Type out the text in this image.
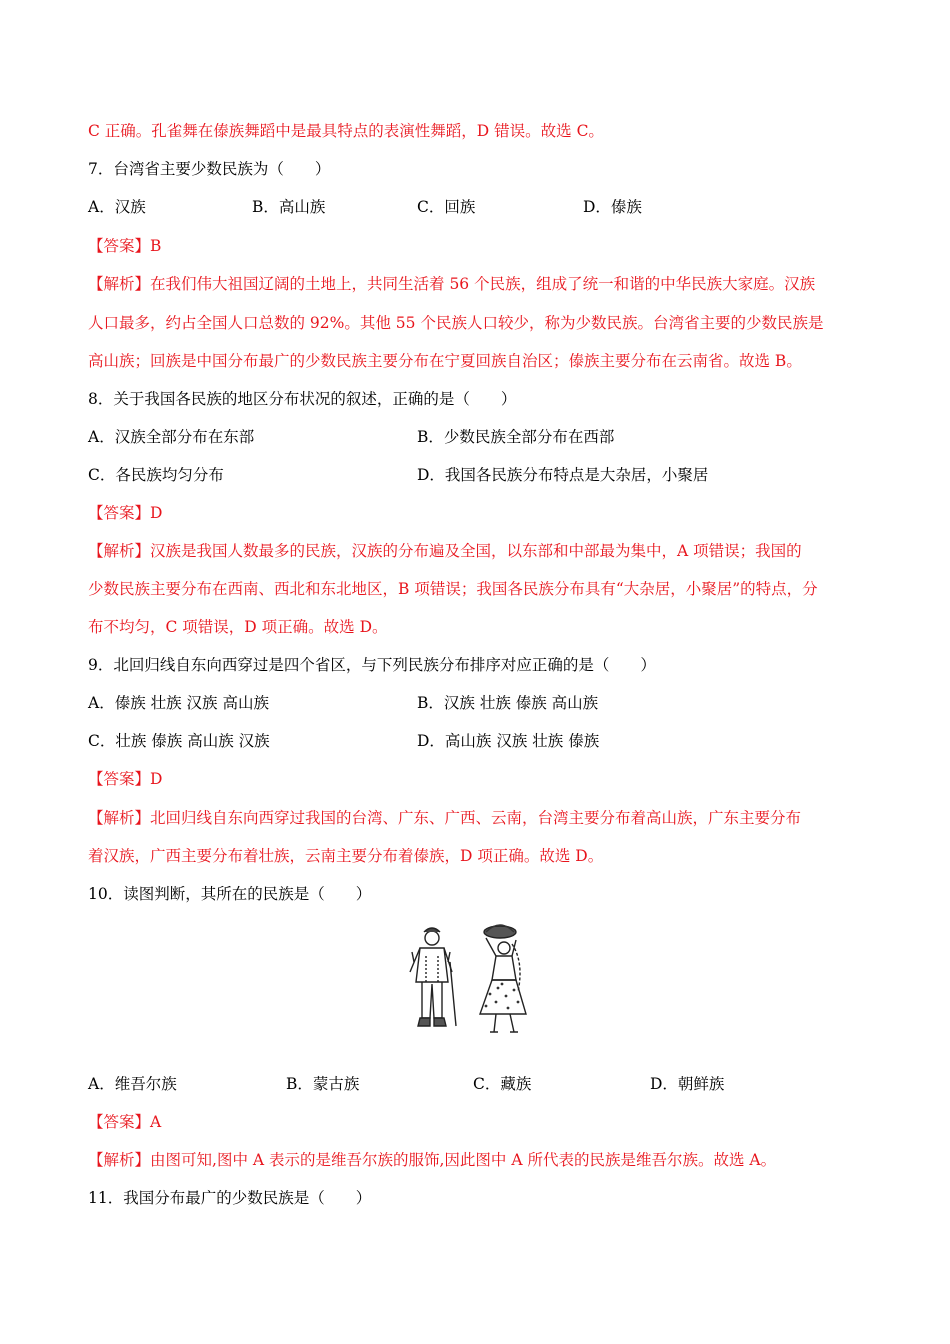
C 正确。孔雀舞在傣族舞蹈中是最具特点的表演性舞蹈，D 错误。故选 C。
7．台湾省主要少数民族为（　　）
A．汉族	B．高山族	C．回族	D．傣族
【答案】B
【解析】在我们伟大祖国辽阔的土地上，共同生活着 56 个民族，组成了统一和谐的中华民族大家庭。汉族
人口最多，约占全国人口总数的 92%。其他 55 个民族人口较少，称为少数民族。台湾省主要的少数民族是
高山族；回族是中国分布最广的少数民族主要分布在宁夏回族自治区；傣族主要分布在云南省。故选 B。
8．关于我国各民族的地区分布状况的叙述，正确的是（　　）
A．汉族全部分布在东部	B．少数民族全部分布在西部
C．各民族均匀分布	D．我国各民族分布特点是大杂居，小聚居
【答案】D
【解析】汉族是我国人数最多的民族，汉族的分布遍及全国，以东部和中部最为集中，A 项错误；我国的
少数民族主要分布在西南、西北和东北地区，B 项错误；我国各民族分布具有“大杂居，小聚居”的特点，分
布不均匀，C 项错误，D 项正确。故选 D。
9．北回归线自东向西穿过是四个省区，与下列民族分布排序对应正确的是（　　）
A．傣族 壮族 汉族 高山族	B．汉族 壮族 傣族 高山族
C．壮族 傣族 高山族 汉族	D．高山族 汉族 壮族 傣族
【答案】D
【解析】北回归线自东向西穿过我国的台湾、广东、广西、云南，台湾主要分布着高山族，广东主要分布
着汉族，广西主要分布着壮族，云南主要分布着傣族，D 项正确。故选 D。
10．读图判断，其所在的民族是（　　）
A．维吾尔族	B．蒙古族	C．藏族	D．朝鲜族
【答案】A
【解析】由图可知,图中 A 表示的是维吾尔族的服饰,因此图中 A 所代表的民族是维吾尔族。故选 A。
11．我国分布最广的少数民族是（　　）
